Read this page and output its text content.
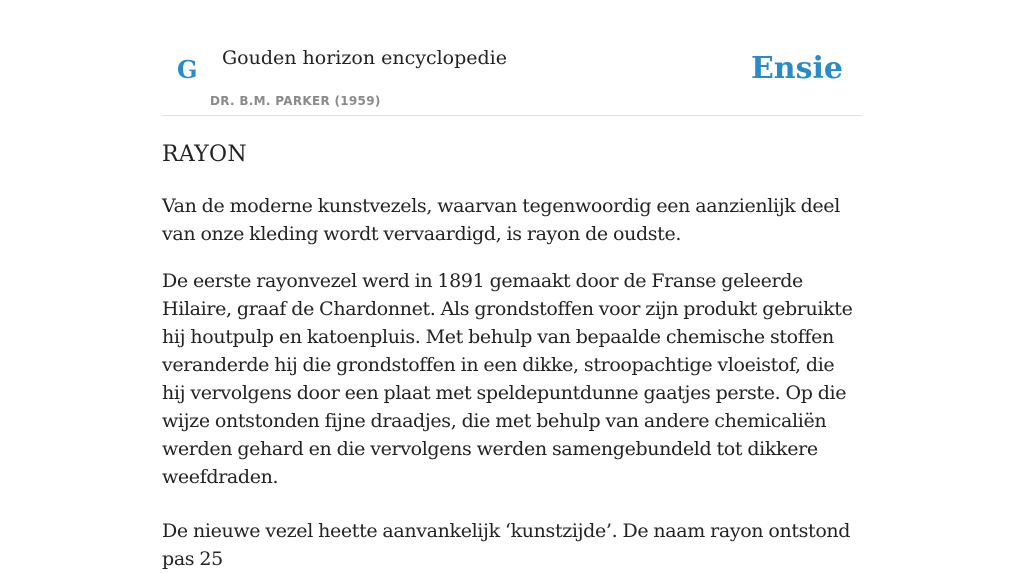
G Gouden horizon encyclopedie
DR. B.M. PARKER (1959)
Ensie
RAYON

Van de moderne kunstvezels, waarvan tegenwoordig een aanzienlijk deel van onze kleding wordt vervaardigd, is rayon de oudste.

De eerste rayonvezel werd in 1891 gemaakt door de Franse geleerde Hilaire, graaf de Chardonnet. Als grondstoffen voor zijn produkt gebruikte hij houtpulp en katoenpluis. Met behulp van bepaalde chemische stoffen veranderde hij die grondstoffen in een dikke, stroopachtige vloeistof, die hij vervolgens door een plaat met speldepuntdunne gaatjes perste. Op die wijze ontstonden fijne draadjes, die met behulp van andere chemicaliën werden gehard en die vervolgens werden samengebundeld tot dikkere weefdraden.

De nieuwe vezel heette aanvankelijk ‘kunstzijde’. De naam rayon ontstond pas 25
